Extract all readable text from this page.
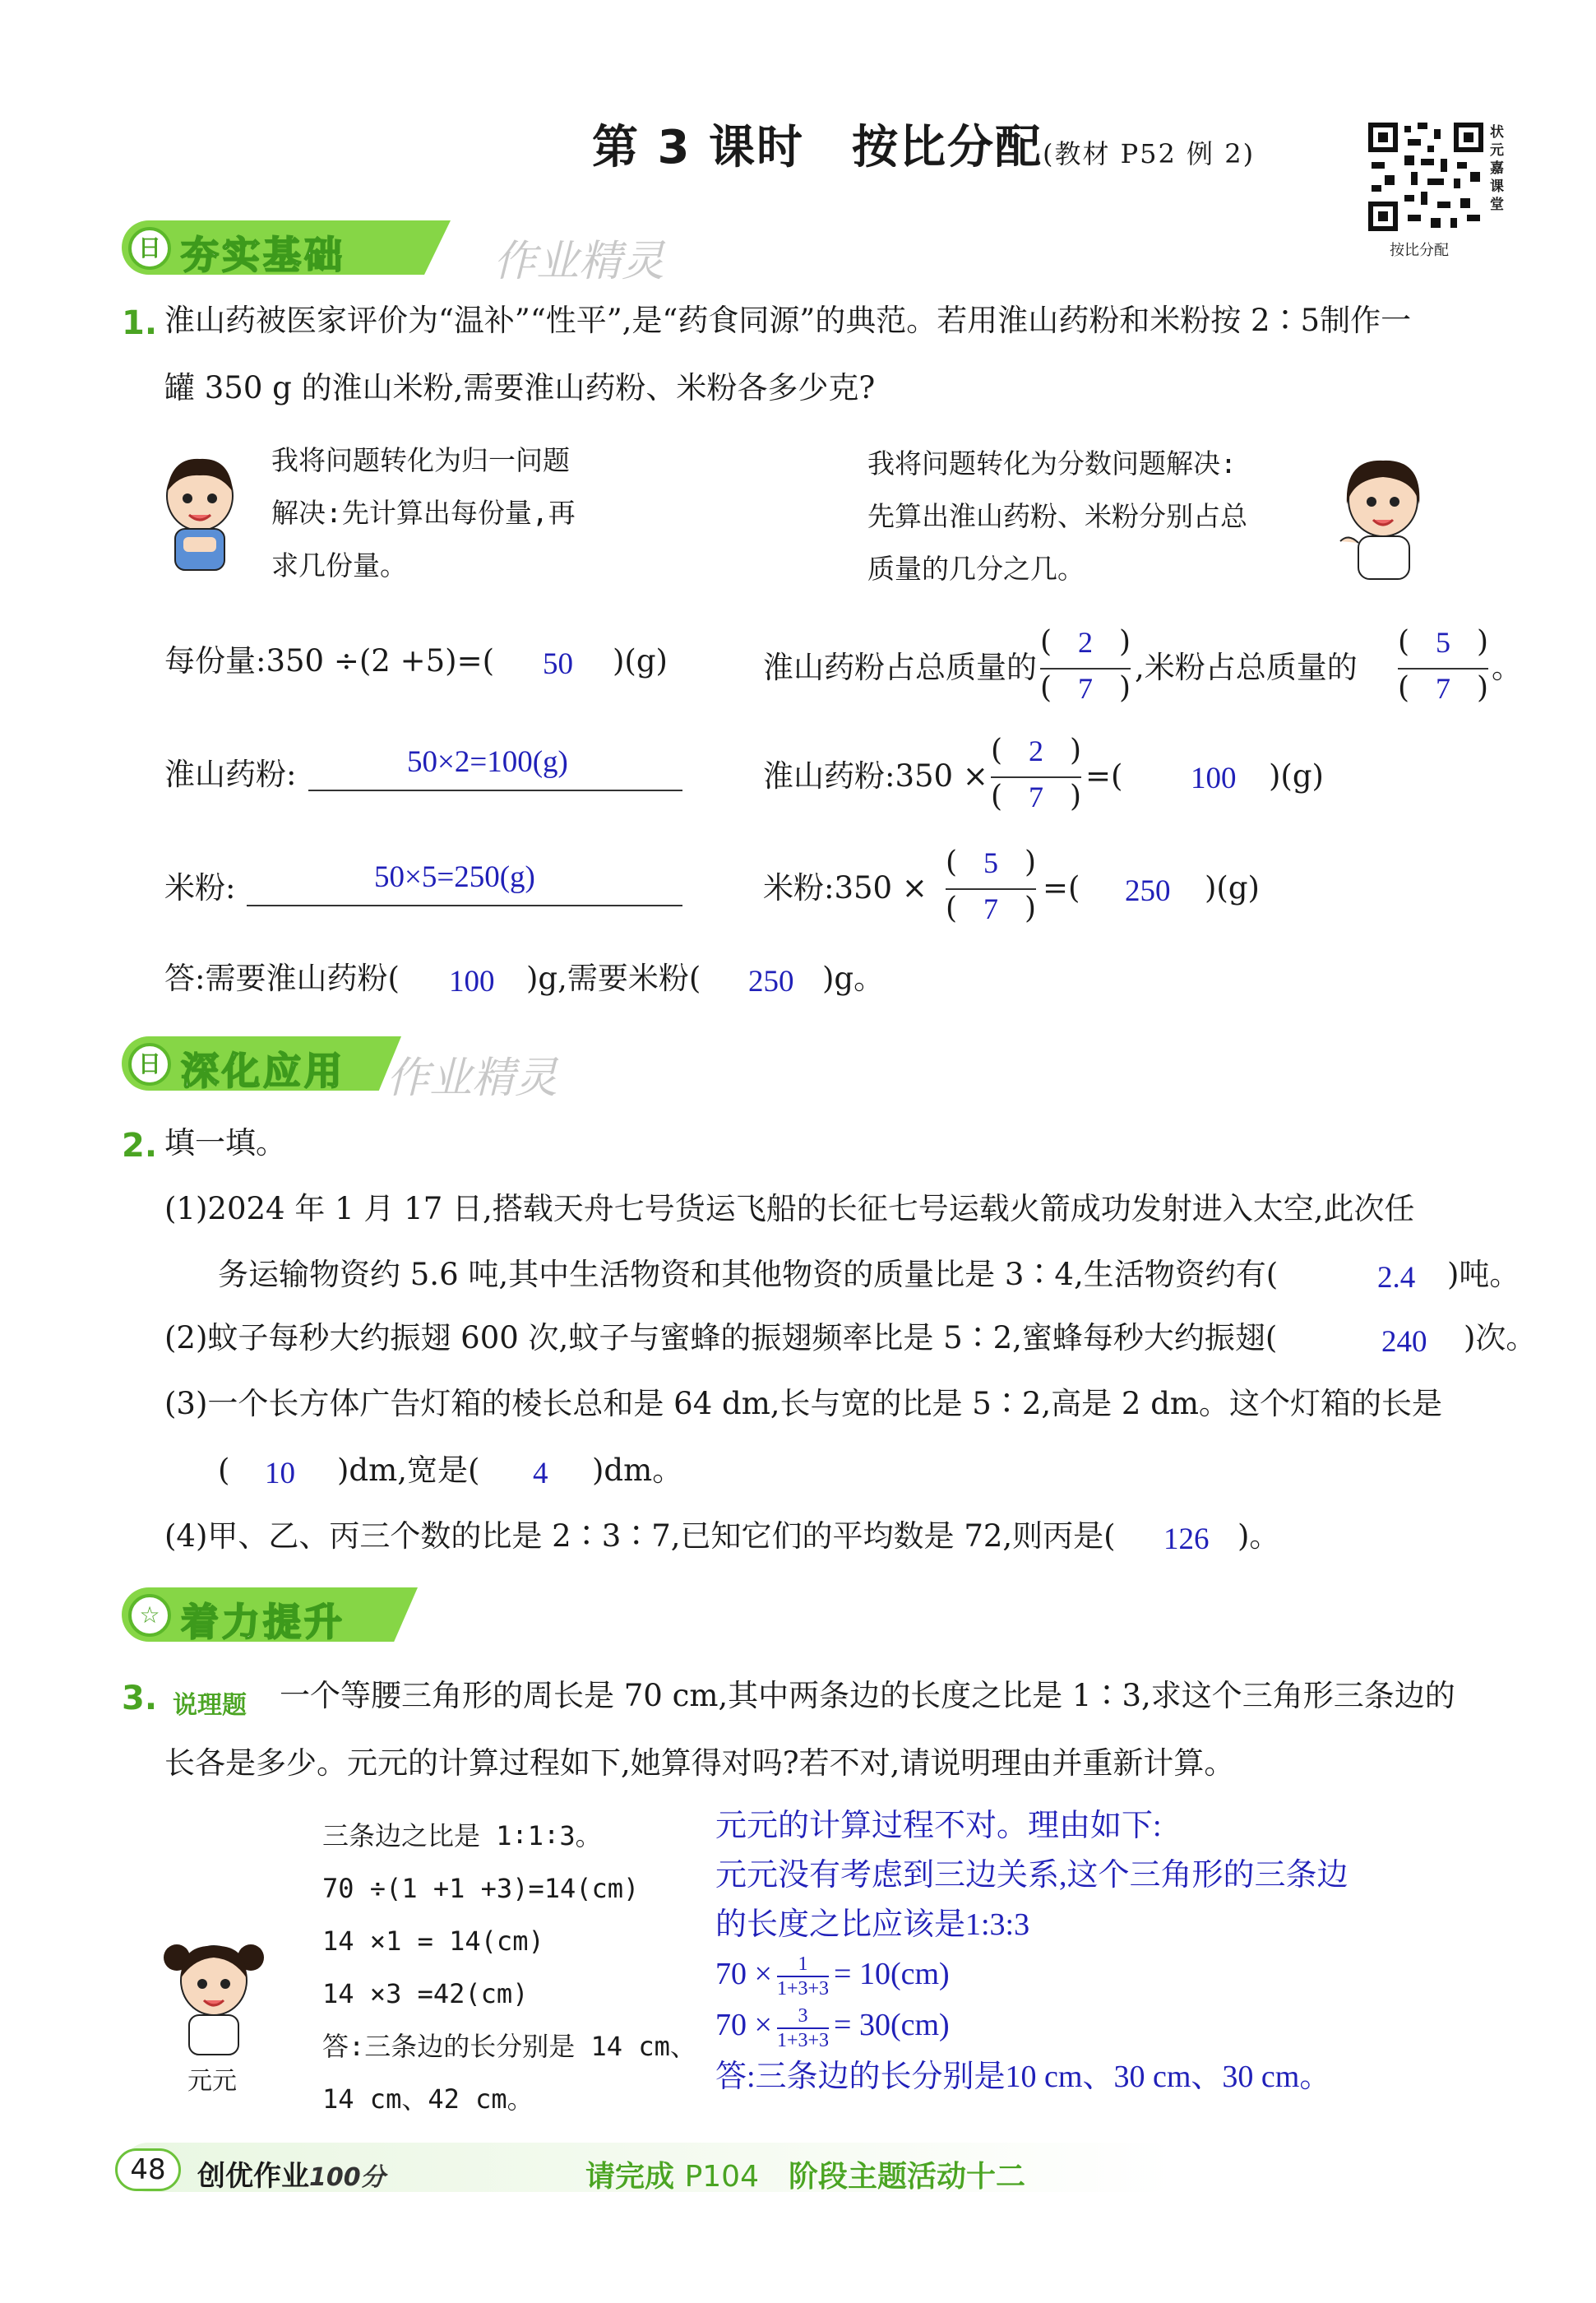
第 3 课时　按比分配(教材 P52 例 2)
状元嘉课堂
按比分配
日 夯实基础	作业精灵
1. 淮山药被医家评价为“温补”“性平”,是“药食同源”的典范。若用淮山药粉和米粉按 2∶5制作一
罐 350 g 的淮山米粉,需要淮山药粉、米粉各多少克?
我将问题转化为归一问题
解决:先计算出每份量,再
求几份量。
我将问题转化为分数问题解决:
先算出淮山药粉、米粉分别占总
质量的几分之几。
每份量:350 ÷(2 +5)=( 50 )(g)
淮山药粉:	50×2=100(g)
米粉:	50×5=250(g)
淮山药粉占总质量的
( )
2
( )
7
,米粉占总质量的
( )
5
( )
7
。
淮山药粉:350 ×
( )
2
( )
7
=( 100 )(g)
米粉:350 ×
( )
5
( )
7
=( 250 )(g)
答:需要淮山药粉( 100 )g,需要米粉( 250 )g。
日 深化应用 作业精灵
2. 填一填。
(1)2024 年 1 月 17 日,搭载天舟七号货运飞船的长征七号运载火箭成功发射进入太空,此次任
务运输物资约 5.6 吨,其中生活物资和其他物资的质量比是 3∶4,生活物资约有(	2.4 )吨。
(2)蚊子每秒大约振翅 600 次,蚊子与蜜蜂的振翅频率比是 5∶2,蜜蜂每秒大约振翅(	240 )次。
(3)一个长方体广告灯箱的棱长总和是 64 dm,长与宽的比是 5∶2,高是 2 dm。这个灯箱的长是
( 10 )dm,宽是( 4 )dm。
(4)甲、乙、丙三个数的比是 2∶3∶7,已知它们的平均数是 72,则丙是( 126 )。
☆ 着力提升
3. 说理题 一个等腰三角形的周长是 70 cm,其中两条边的长度之比是 1∶3,求这个三角形三条边的
长各是多少。元元的计算过程如下,她算得对吗?若不对,请说明理由并重新计算。
三条边之比是 1∶1∶3。
70 ÷(1 +1 +3)=14(cm)
14 ×1 = 14(cm)
14 ×3 =42(cm)
答:三条边的长分别是 14 cm、
14 cm、42 cm。
元元
元元的计算过程不对。理由如下:
元元没有考虑到三边关系,这个三角形的三条边
的长度之比应该是1:3:3
$70 \times \frac{1}{1+3+3} = 10(cm)$
$70 \times \frac{3}{1+3+3} = 30(cm)$
答:三条边的长分别是10 cm、30 cm、30 cm。
48	创优作业100分	请完成 P104　 阶段主题活动十二
